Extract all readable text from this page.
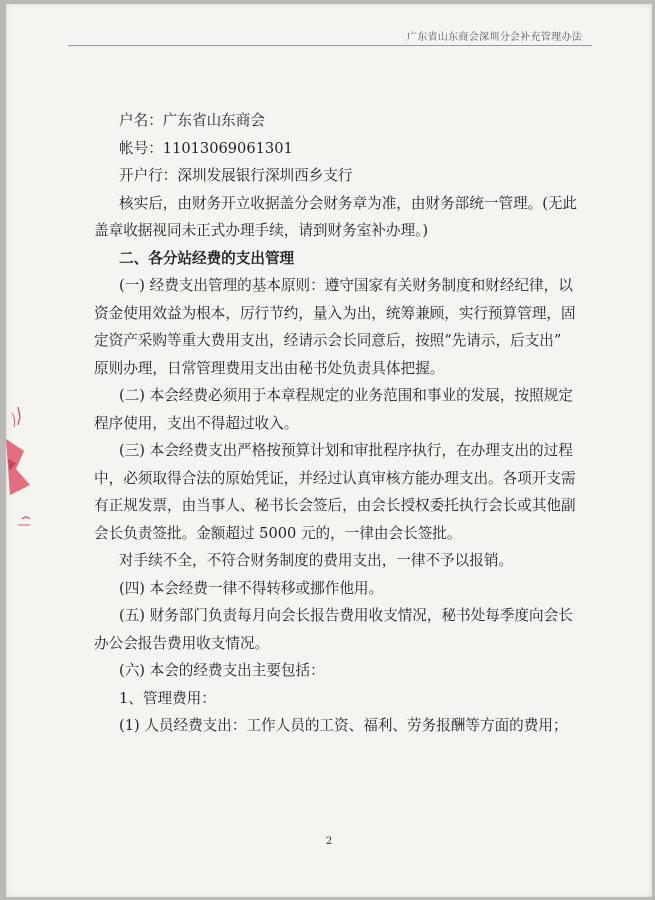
广东省山东商会深圳分会补充管理办法
户名：广东省山东商会
帐号：11013069061301
开户行：深圳发展银行深圳西乡支行
核实后，由财务开立收据盖分会财务章为准，由财务部统一管理。(无此
盖章收据视同未正式办理手续，请到财务室补办理。)
二、各分站经费的支出管理
(一) 经费支出管理的基本原则：遵守国家有关财务制度和财经纪律，以
资金使用效益为根本，厉行节约，量入为出，统筹兼顾，实行预算管理，固
定资产采购等重大费用支出，经请示会长同意后，按照“先请示，后支出”
原则办理，日常管理费用支出由秘书处负责具体把握。
(二) 本会经费必须用于本章程规定的业务范围和事业的发展，按照规定
程序使用，支出不得超过收入。
(三) 本会经费支出严格按预算计划和审批程序执行，在办理支出的过程
中，必须取得合法的原始凭证，并经过认真审核方能办理支出。各项开支需
有正规发票，由当事人、秘书长会签后，由会长授权委托执行会长或其他副
会长负责签批。金额超过 5000 元的，一律由会长签批。
对手续不全，不符合财务制度的费用支出，一律不予以报销。
(四) 本会经费一律不得转移或挪作他用。
(五) 财务部门负责每月向会长报告费用收支情况，秘书处每季度向会长
办公会报告费用收支情况。
(六) 本会的经费支出主要包括：
1、管理费用：
(1) 人员经费支出：工作人员的工资、福利、劳务报酬等方面的费用；
2
